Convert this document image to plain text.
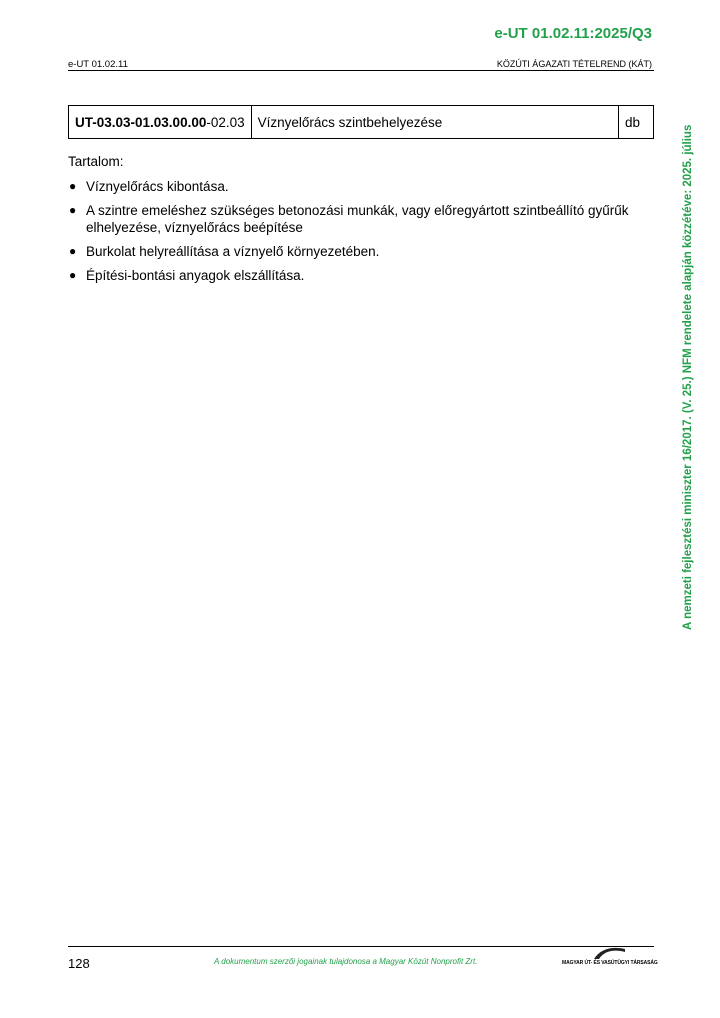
e-UT 01.02.11:2025/Q3
e-UT 01.02.11	KÖZÚTI ÁGAZATI TÉTELREND (KÁT)
UT-03.03-01.03.00.00-02.03	Víznyelőrács szintbehelyezése	db
Tartalom:
● Víznyelőrács kibontása.
● A szintre emeléshez szükséges betonozási munkák, vagy előregyártott szintbeállító gyűrűk elhelyezése, víznyelőrács beépítése
● Burkolat helyreállítása a víznyelő környezetében.
● Építési-bontási anyagok elszállítása.	A nemzeti fejlesztési miniszter 16/2017. (V. 25.) NFM rendelete alapján közzétéve: 2025. július
128	A dokumentum szerzői jogainak tulajdonosa a Magyar Közút Nonprofit Zrt.	MAGYAR ÚT- ÉS VASÚTÜGYI TÁRSASÁG
